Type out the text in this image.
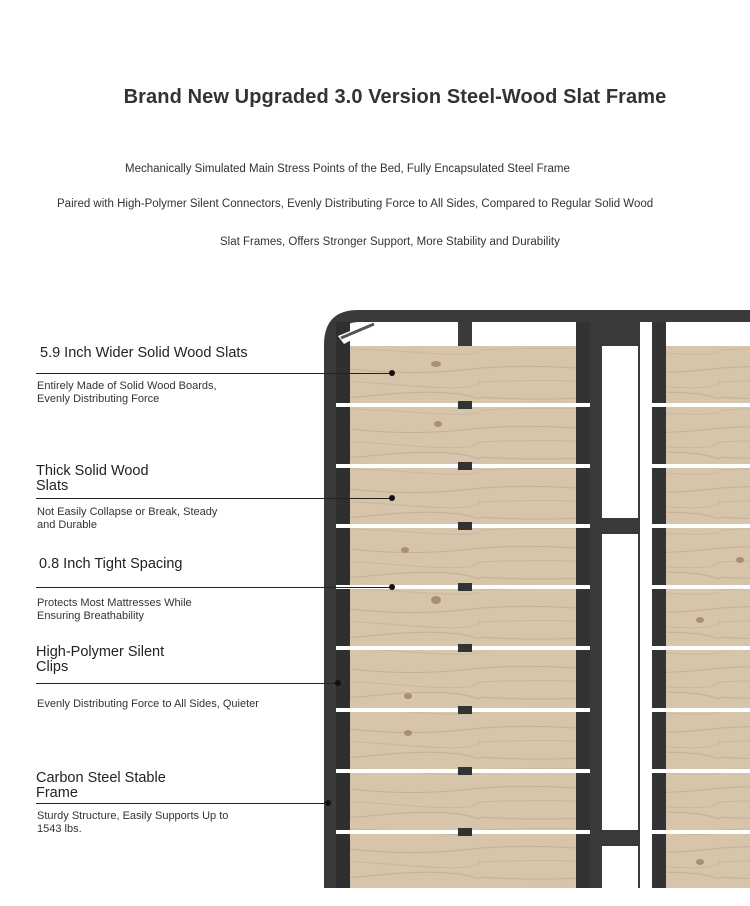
Brand New Upgraded 3.0 Version Steel-Wood Slat Frame
Mechanically Simulated Main Stress Points of the Bed, Fully Encapsulated Steel Frame
Paired with High-Polymer Silent Connectors, Evenly Distributing Force to All Sides, Compared to Regular Solid Wood
Slat Frames, Offers Stronger Support, More Stability and Durability
5.9 Inch Wider Solid Wood Slats
Entirely Made of Solid Wood Boards,
Evenly Distributing Force
Thick Solid Wood
Slats
Not Easily Collapse or Break, Steady
and Durable
0.8 Inch Tight Spacing
Protects Most Mattresses While
Ensuring Breathability
High-Polymer Silent
Clips
Evenly Distributing Force to All Sides, Quieter
Carbon Steel Stable
Frame
Sturdy Structure, Easily Supports Up to
1543 lbs.
